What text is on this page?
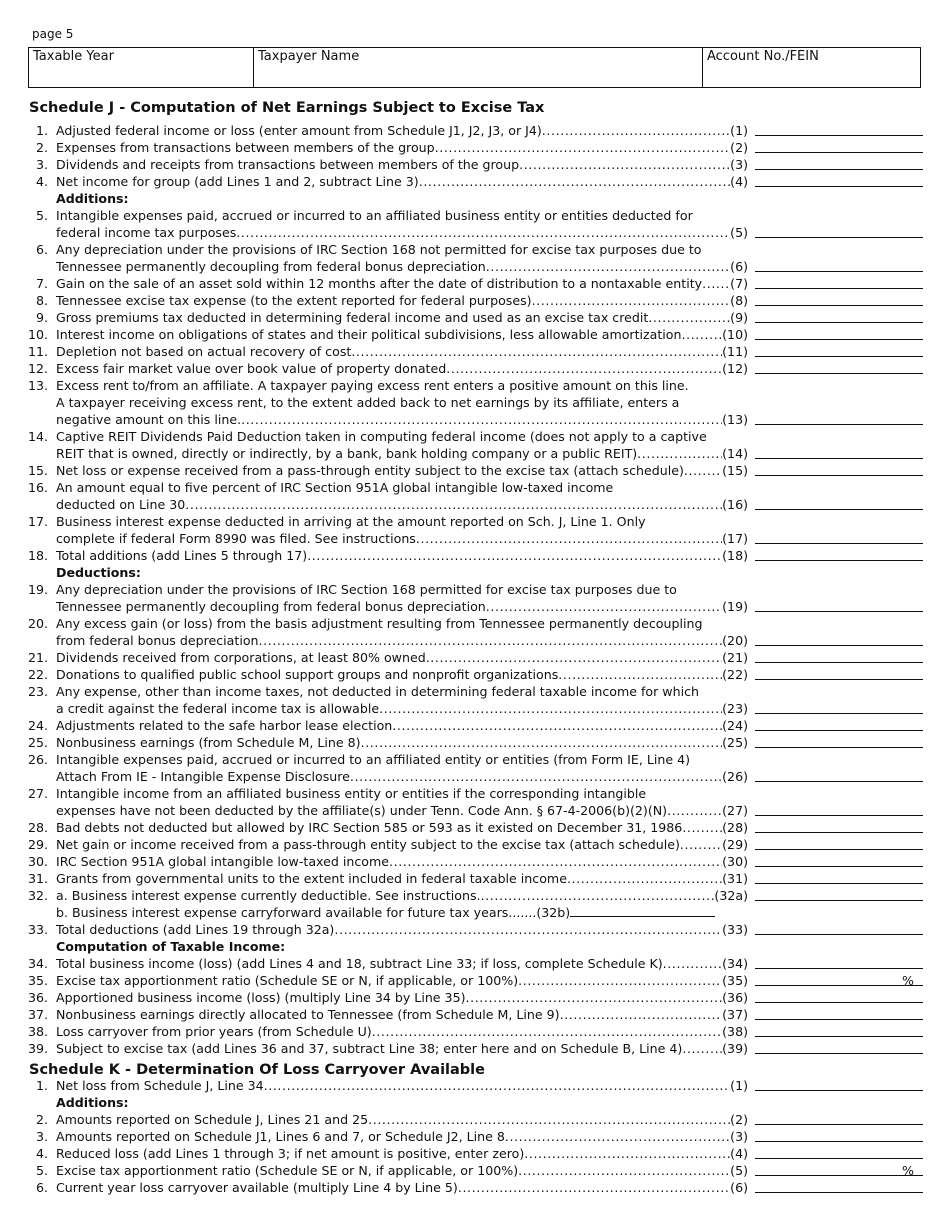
page 5
Taxable Year	Taxpayer Name	Account No./FEIN
Schedule J - Computation of Net Earnings Subject to Excise Tax
1. Adjusted federal income or loss (enter amount from Schedule J1, J2, J3, or J4) .....	(1)
2. Expenses from transactions between members of the group .....	(2)
3. Dividends and receipts from transactions between members of the group .....	(3)
4. Net income for group (add Lines 1 and 2, subtract Line 3) .....	(4)
Additions:
5. Intangible expenses paid, accrued or incurred to an affiliated business entity or entities deducted for
federal income tax purposes .....	(5)
6. Any depreciation under the provisions of IRC Section 168 not permitted for excise tax purposes due to
Tennessee permanently decoupling from federal bonus depreciation .....	(6)
7. Gain on the sale of an asset sold within 12 months after the date of distribution to a nontaxable entity ..... (7)
8. Tennessee excise tax expense (to the extent reported for federal purposes) .....	(8)
9. Gross premiums tax deducted in determining federal income and used as an excise tax credit .....	(9)
10. Interest income on obligations of states and their political subdivisions, less allowable amortization .....	(10)
11. Depletion not based on actual recovery of cost .....	(11)
12. Excess fair market value over book value of property donated .....	(12)
13. Excess rent to/from an affiliate. A taxpayer paying excess rent enters a positive amount on this line.
A taxpayer receiving excess rent, to the extent added back to net earnings by its affiliate, enters a
negative amount on this line. .....	(13)
14. Captive REIT Dividends Paid Deduction taken in computing federal income (does not apply to a captive
REIT that is owned, directly or indirectly, by a bank, bank holding company or a public REIT) .....	(14)
15. Net loss or expense received from a pass-through entity subject to the excise tax (attach schedule) .....	(15)
16. An amount equal to five percent of IRC Section 951A global intangible low-taxed income
deducted on Line 30 .....	(16)
17. Business interest expense deducted in arriving at the amount reported on Sch. J, Line 1. Only
complete if federal Form 8990 was filed. See instructions .....	(17)
18. Total additions (add Lines 5 through 17) .....	(18)
Deductions:
19. Any depreciation under the provisions of IRC Section 168 permitted for excise tax purposes due to
Tennessee permanently decoupling from federal bonus depreciation .....	(19)
20. Any excess gain (or loss) from the basis adjustment resulting from Tennessee permanently decoupling
from federal bonus depreciation .....	(20)
21. Dividends received from corporations, at least 80% owned .....	(21)
22. Donations to qualified public school support groups and nonprofit organizations .....	(22)
23. Any expense, other than income taxes, not deducted in determining federal taxable income for which
a credit against the federal income tax is allowable .....	(23)
24. Adjustments related to the safe harbor lease election .....	(24)
25. Nonbusiness earnings (from Schedule M, Line 8) .....	(25)
26. Intangible expenses paid, accrued or incurred to an affiliated entity or entities (from Form IE, Line 4)
Attach From IE - Intangible Expense Disclosure .....	(26)
27. Intangible income from an affiliated business entity or entities if the corresponding intangible
expenses have not been deducted by the affiliate(s) under Tenn. Code Ann. § 67-4-2006(b)(2)(N) .....	(27)
28. Bad debts not deducted but allowed by IRC Section 585 or 593 as it existed on December 31, 1986 .....	(28)
29. Net gain or income received from a pass-through entity subject to the excise tax (attach schedule) .....	(29)
30. IRC Section 951A global intangible low-taxed income .....	(30)
31. Grants from governmental units to the extent included in federal taxable income .....	(31)
32. a. Business interest expense currently deductible. See instructions. .....	(32a)
b. Business interest expense carryforward available for future tax years.......(32b)
33. Total deductions (add Lines 19 through 32a) .....	(33)
Computation of Taxable Income:
34. Total business income (loss) (add Lines 4 and 18, subtract Line 33; if loss, complete Schedule K) .....	(34)
35. Excise tax apportionment ratio (Schedule SE or N, if applicable, or 100%) .....	(35)	%
36. Apportioned business income (loss) (multiply Line 34 by Line 35) .....	(36)
37. Nonbusiness earnings directly allocated to Tennessee (from Schedule M, Line 9) .....	(37)
38. Loss carryover from prior years (from Schedule U) .....	(38)
39. Subject to excise tax (add Lines 36 and 37, subtract Line 38; enter here and on Schedule B, Line 4) .....	(39)
Schedule K - Determination Of Loss Carryover Available
1. Net loss from Schedule J, Line 34 .....	(1)
Additions:
2. Amounts reported on Schedule J, Lines 21 and 25 .....	(2)
3. Amounts reported on Schedule J1, Lines 6 and 7, or Schedule J2, Line 8 .....	(3)
4. Reduced loss (add Lines 1 through 3; if net amount is positive, enter zero) .....	(4)
5. Excise tax apportionment ratio (Schedule SE or N, if applicable, or 100%) .....	(5)	%
6. Current year loss carryover available (multiply Line 4 by Line 5) .....	(6)
